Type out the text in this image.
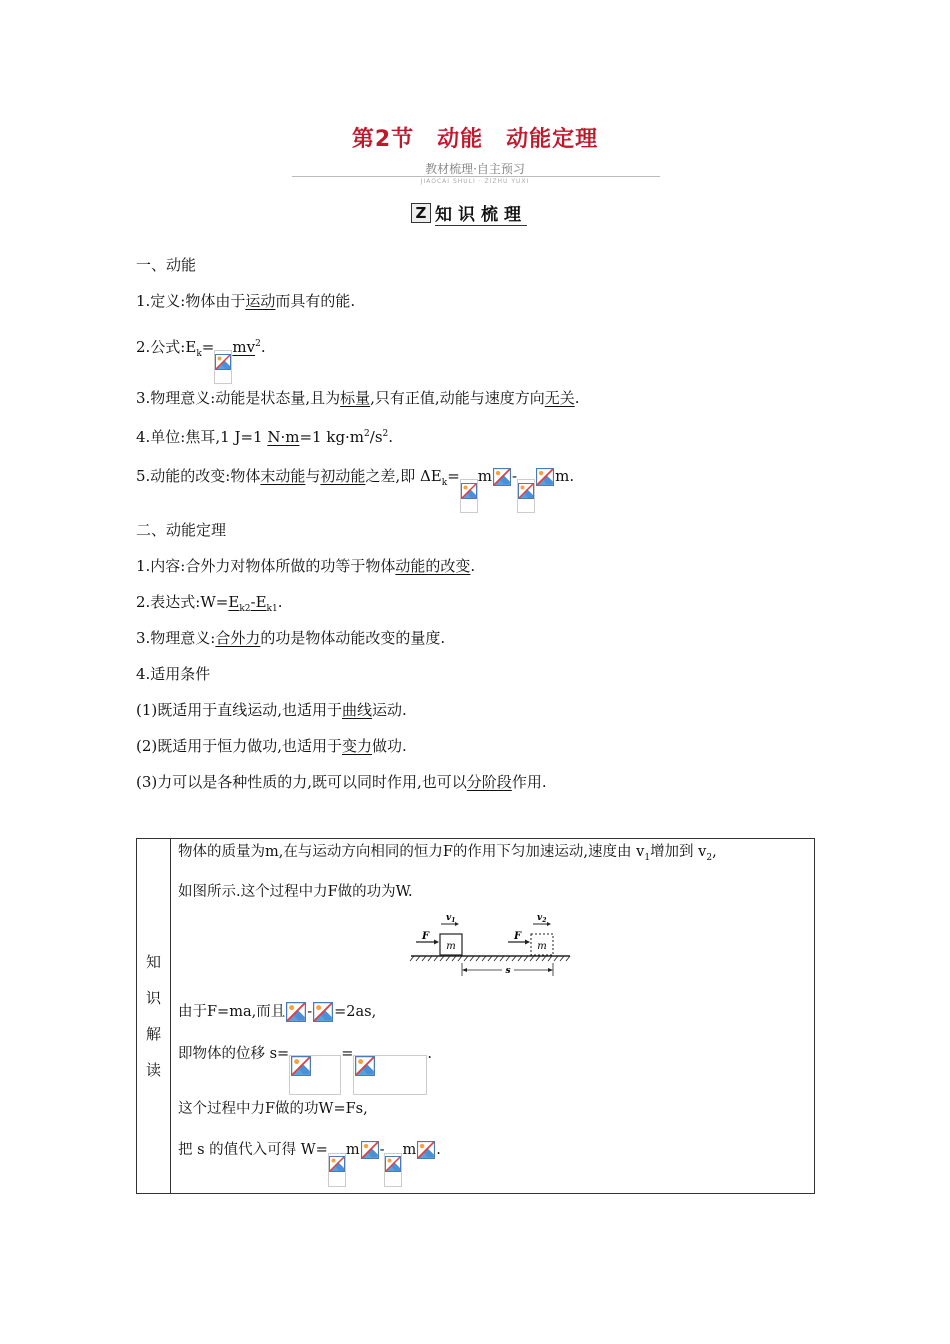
第2节　动能　动能定理
教材梳理·自主预习
JIAOCAI SHULI · ZIZHU YUXI
Z 知识梳理
一、动能
1.定义:物体由于运动而具有的能.
2.公式$:E_k= mv^2$.
3.物理意义:动能是状态量,且为标量,只有正值,动能与速度方向无关.
4.单位:焦耳,1 J=1 N·m=1 $kg\cdot m^2/s^2$.
5.动能的改变:物体末动能与初动能之差,即 $\Delta E_k= m$ -	m.
二、动能定理
1.内容:合外力对物体所做的功等于物体动能的改变.
2.表达式$:W=E_{k2}-E_{k1}$.
3.物理意义:合外力的功是物体动能改变的量度.
4.适用条件
(1)既适用于直线运动,也适用于曲线运动.
(2)既适用于恒力做功,也适用于变力做功.
(3)力可以是各种性质的力,既可以同时作用,也可以分阶段作用.
知
识
解
读

物体的质量为m,在与运动方向相同的恒力F的作用下匀加速运动,速度由 $v_1$增加到 $v_2$,
如图所示.这个过程中力F做的功为W.
m
F
$v_1$
m
F
$v_2$
s
由于F=ma,而且 - =2as,
即物体的位移 s=	=	.
这个过程中力F做的功W=Fs,
把 s 的值代入可得 W= m - m .
